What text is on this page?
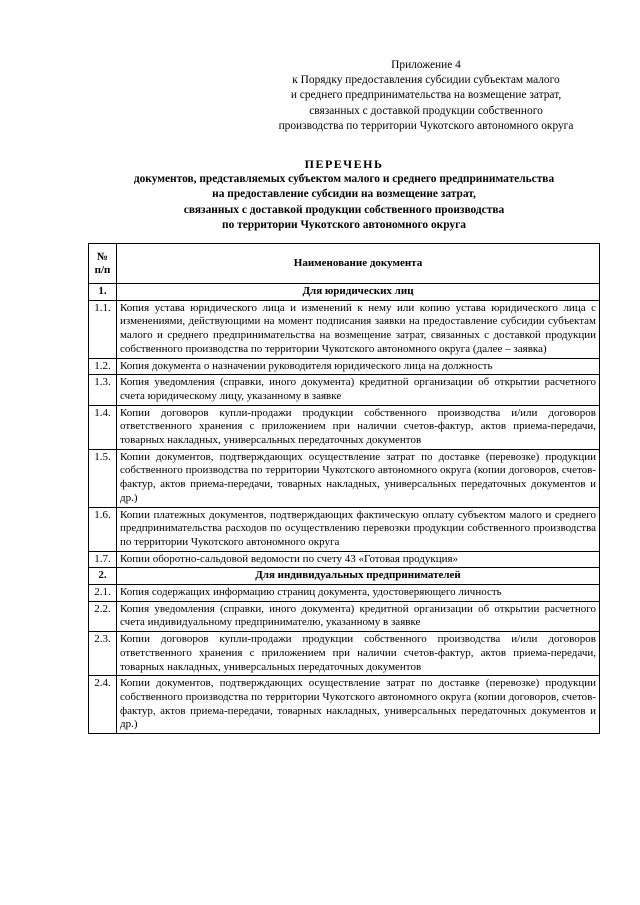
Приложение 4
к Порядку предоставления субсидии субъектам малого
и среднего предпринимательства на возмещение затрат,
связанных с доставкой продукции собственного
производства по территории Чукотского автономного округа
ПЕРЕЧЕНЬ
документов, представляемых субъектом малого и среднего предпринимательства
на предоставление субсидии на возмещение затрат,
связанных с доставкой продукции собственного производства
по территории Чукотского автономного округа
№
п/п	Наименование документа
1.	Для юридических лиц
1.1.	Копия устава юридического лица и изменений к нему или копию устава юридического лица с изменениями, действующими на момент подписания заявки на предоставление субсидии субъектам малого и среднего предпринимательства на возмещение затрат, связанных с доставкой продукции собственного производства по территории Чукотского автономного округа (далее – заявка)
1.2.	Копия документа о назначении руководителя юридического лица на должность
1.3.	Копия уведомления (справки, иного документа) кредитной организации об открытии расчетного счета юридическому лицу, указанному в заявке
1.4.	Копии договоров купли-продажи продукции собственного производства и/или договоров ответственного хранения с приложением при наличии счетов-фактур, актов приема-передачи, товарных накладных, универсальных передаточных документов
1.5.	Копии документов, подтверждающих осуществление затрат по доставке (перевозке) продукции собственного производства по территории Чукотского автономного округа (копии договоров, счетов-фактур, актов приема-передачи, товарных накладных, универсальных передаточных документов и др.)
1.6.	Копии платежных документов, подтверждающих фактическую оплату субъектом малого и среднего предпринимательства расходов по осуществлению перевозки продукции собственного производства по территории Чукотского автономного округа
1.7.	Копии оборотно-сальдовой ведомости по счету 43 «Готовая продукция»
2.	Для индивидуальных предпринимателей
2.1.	Копия содержащих информацию страниц документа, удостоверяющего личность
2.2.	Копия уведомления (справки, иного документа) кредитной организации об открытии расчетного счета индивидуальному предпринимателю, указанному в заявке
2.3.	Копии договоров купли-продажи продукции собственного производства и/или договоров ответственного хранения с приложением при наличии счетов-фактур, актов приема-передачи, товарных накладных, универсальных передаточных документов
2.4.	Копии документов, подтверждающих осуществление затрат по доставке (перевозке) продукции собственного производства по территории Чукотского автономного округа (копии договоров, счетов-фактур, актов приема-передачи, товарных накладных, универсальных передаточных документов и др.)
